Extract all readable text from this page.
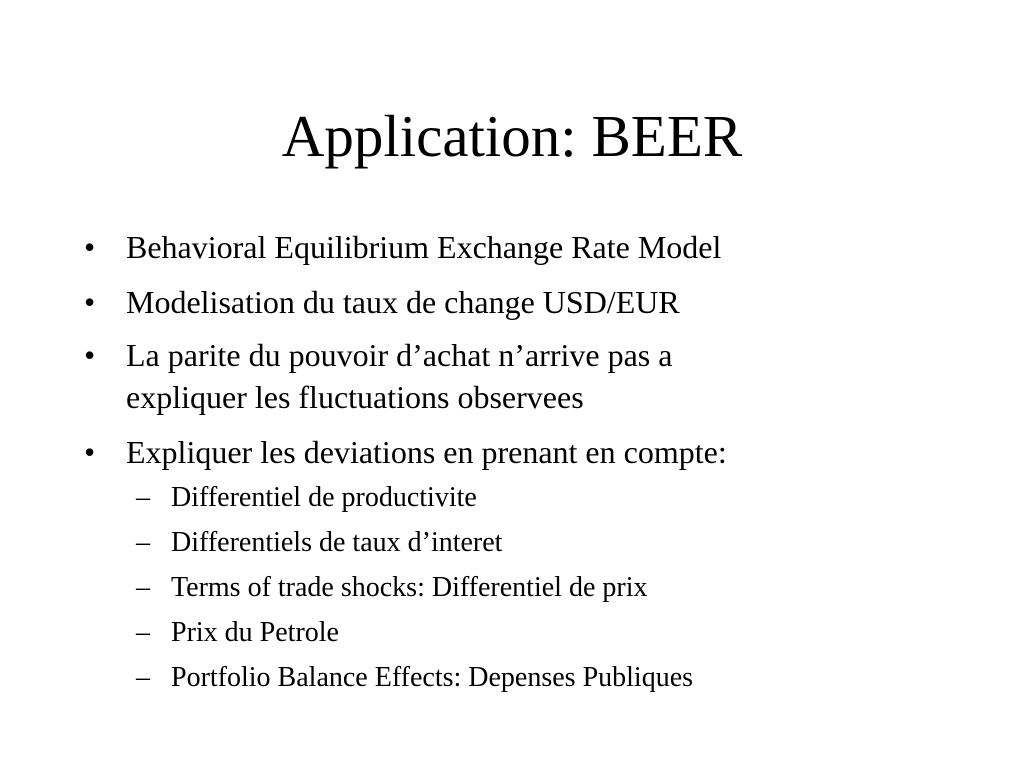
Application: BEER
• Behavioral Equilibrium Exchange Rate Model
• Modelisation du taux de change USD/EUR
• La parite du pouvoir d’achat n’arrive pas a
expliquer les fluctuations observees
• Expliquer les deviations en prenant en compte:
– Differentiel de productivite
– Differentiels de taux d’interet
– Terms of trade shocks: Differentiel de prix
– Prix du Petrole
– Portfolio Balance Effects: Depenses Publiques
